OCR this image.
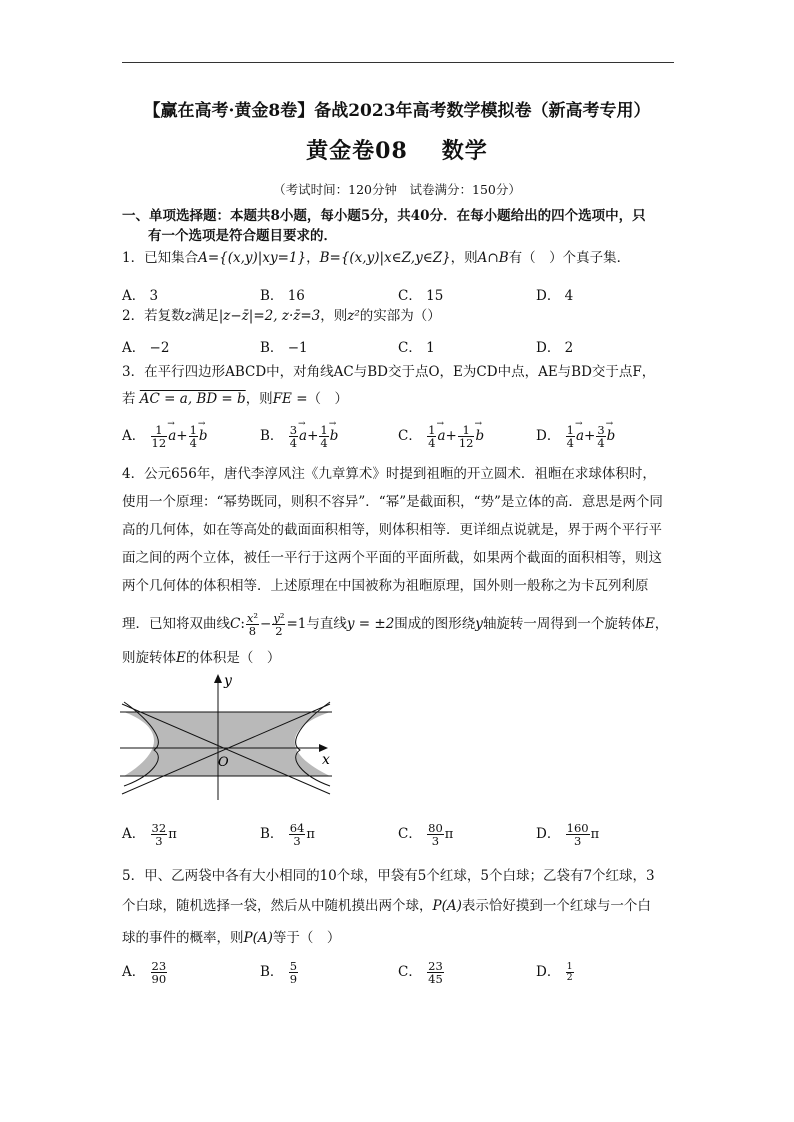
【赢在高考·黄金8卷】备战2023年高考数学模拟卷（新高考专用）
黄金卷08 数学
（考试时间：120分钟　试卷满分：150分）
一、单项选择题：本题共8小题，每小题5分，共40分．在每小题给出的四个选项中，只
有一个选项是符合题目要求的．
1．已知集合A={(x,y)|xy=1}，B={(x,y)|x∈Z,y∈Z}，则A∩B有（　）个真子集．
A． 3	B． 16	C． 15	D． 4
2．若复数z满足|z−z̄|=2, z·z̄=3，则z²的实部为（）
A． −2	B． −1	C． 1	D． 2
3．在平行四边形ABCD中，对角线AC与BD交于点O，E为CD中点，AE与BD交于点F，
若 AC = a, BD = b，则FE =（　）
A． $\frac{1}{12} \to a+ \frac{1}{4} \to b$	B． $\frac{3}{4} \to a+ \frac{1}{4} \to b$	C． $\frac{1}{4} \to a+ \frac{1}{12} \to b$	D． $\frac{1}{4} \to a+ \frac{3}{4} \to b$
4．公元656年，唐代李淳风注《九章算术》时提到祖暅的开立圆术．祖暅在求球体积时，
使用一个原理：“幂势既同，则积不容异”．“幂”是截面积，“势”是立体的高．意思是两个同
高的几何体，如在等高处的截面面积相等，则体积相等．更详细点说就是，界于两个平行平
面之间的两个立体，被任一平行于这两个平面的平面所截，如果两个截面的面积相等，则这
两个几何体的体积相等．上述原理在中国被称为祖暅原理，国外则一般称之为卡瓦列利原
理．已知将双曲线C: $\frac{\text{x²}}{8} - \frac{\text{y²}}{2} =1$与直线y = ±2围成的图形绕y轴旋转一周得到一个旋转体E，
则旋转体E的体积是（　）
y
x
O
A． $\frac{32}{3}$ π	B． $\frac{64}{3}$ π	C． $\frac{80}{3}$ π	D． $\frac{160}{3}$ π
5．甲、乙两袋中各有大小相同的10个球，甲袋有5个红球，5个白球；乙袋有7个红球，3
个白球，随机选择一袋，然后从中随机摸出两个球，P(A)表示恰好摸到一个红球与一个白
球的事件的概率，则P(A)等于（　）
A． $\frac{23}{90}$	B． $\frac{5}{9}$	C． $\frac{23}{45}$	D． $\frac{1}{2}$
